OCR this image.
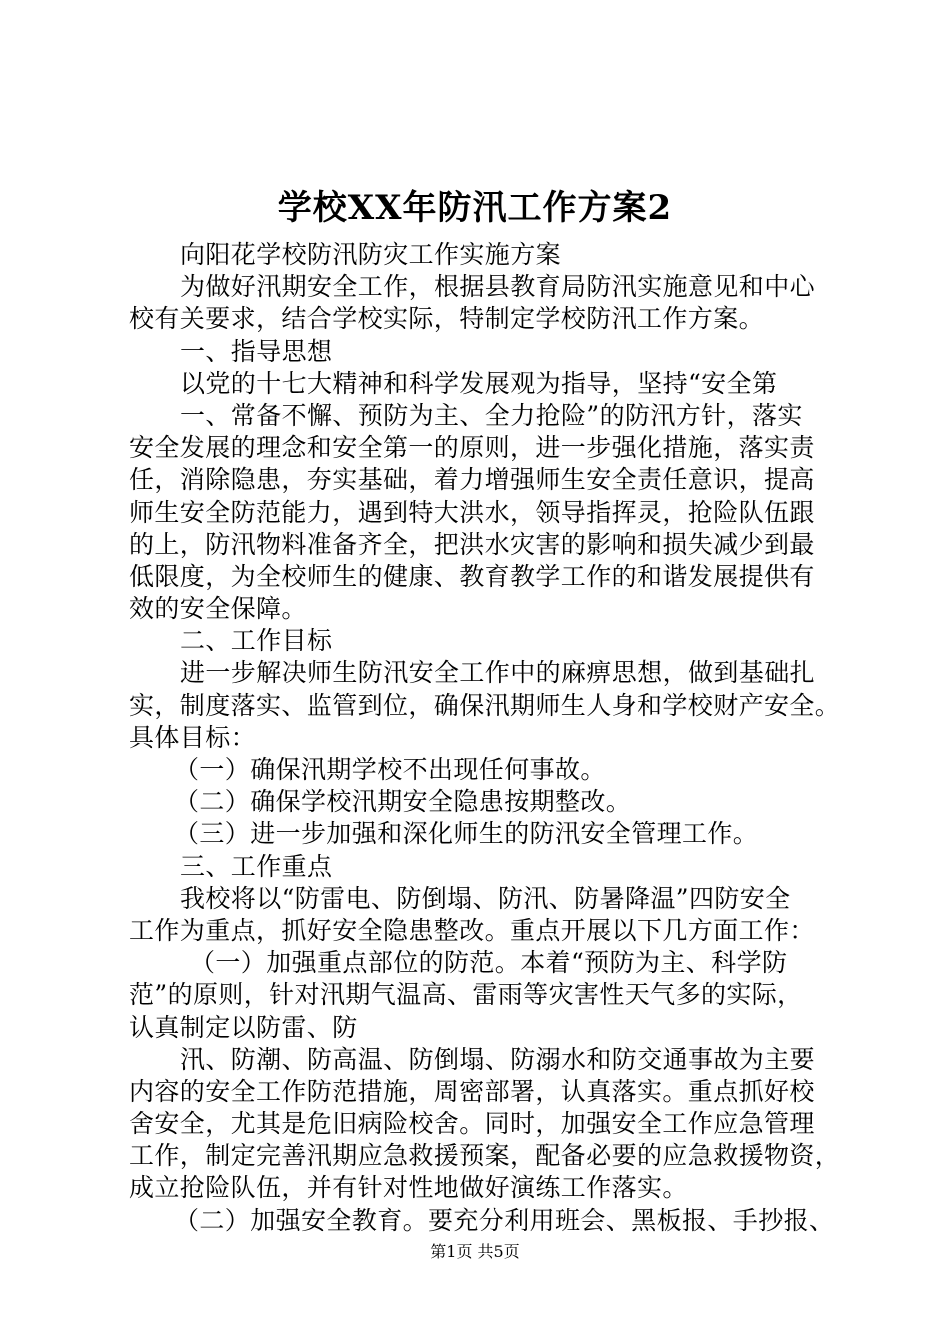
学校XX年防汛工作方案2
向阳花学校防汛防灾工作实施方案
为做好汛期安全工作，根据县教育局防汛实施意见和中心
校有关要求，结合学校实际，特制定学校防汛工作方案。
一、指导思想
以党的十七大精神和科学发展观为指导，坚持“安全第
一、常备不懈、预防为主、全力抢险”的防汛方针，落实
安全发展的理念和安全第一的原则，进一步强化措施，落实责
任，消除隐患，夯实基础，着力增强师生安全责任意识，提高
师生安全防范能力，遇到特大洪水，领导指挥灵，抢险队伍跟
的上，防汛物料准备齐全，把洪水灾害的影响和损失减少到最
低限度，为全校师生的健康、教育教学工作的和谐发展提供有
效的安全保障。
二、工作目标
进一步解决师生防汛安全工作中的麻痹思想，做到基础扎
实，制度落实、监管到位，确保汛期师生人身和学校财产安全。
具体目标：
（一）确保汛期学校不出现任何事故。
（二）确保学校汛期安全隐患按期整改。
（三）进一步加强和深化师生的防汛安全管理工作。
三、工作重点
我校将以“防雷电、防倒塌、防汛、防暑降温”四防安全
工作为重点，抓好安全隐患整改。重点开展以下几方面工作：
（一）加强重点部位的防范。本着“预防为主、科学防
范”的原则，针对汛期气温高、雷雨等灾害性天气多的实际，
认真制定以防雷、防
汛、防潮、防高温、防倒塌、防溺水和防交通事故为主要
内容的安全工作防范措施，周密部署，认真落实。重点抓好校
舍安全，尤其是危旧病险校舍。同时，加强安全工作应急管理
工作，制定完善汛期应急救援预案，配备必要的应急救援物资，
成立抢险队伍，并有针对性地做好演练工作落实。
（二）加强安全教育。要充分利用班会、黑板报、手抄报、
第1页 共5页
